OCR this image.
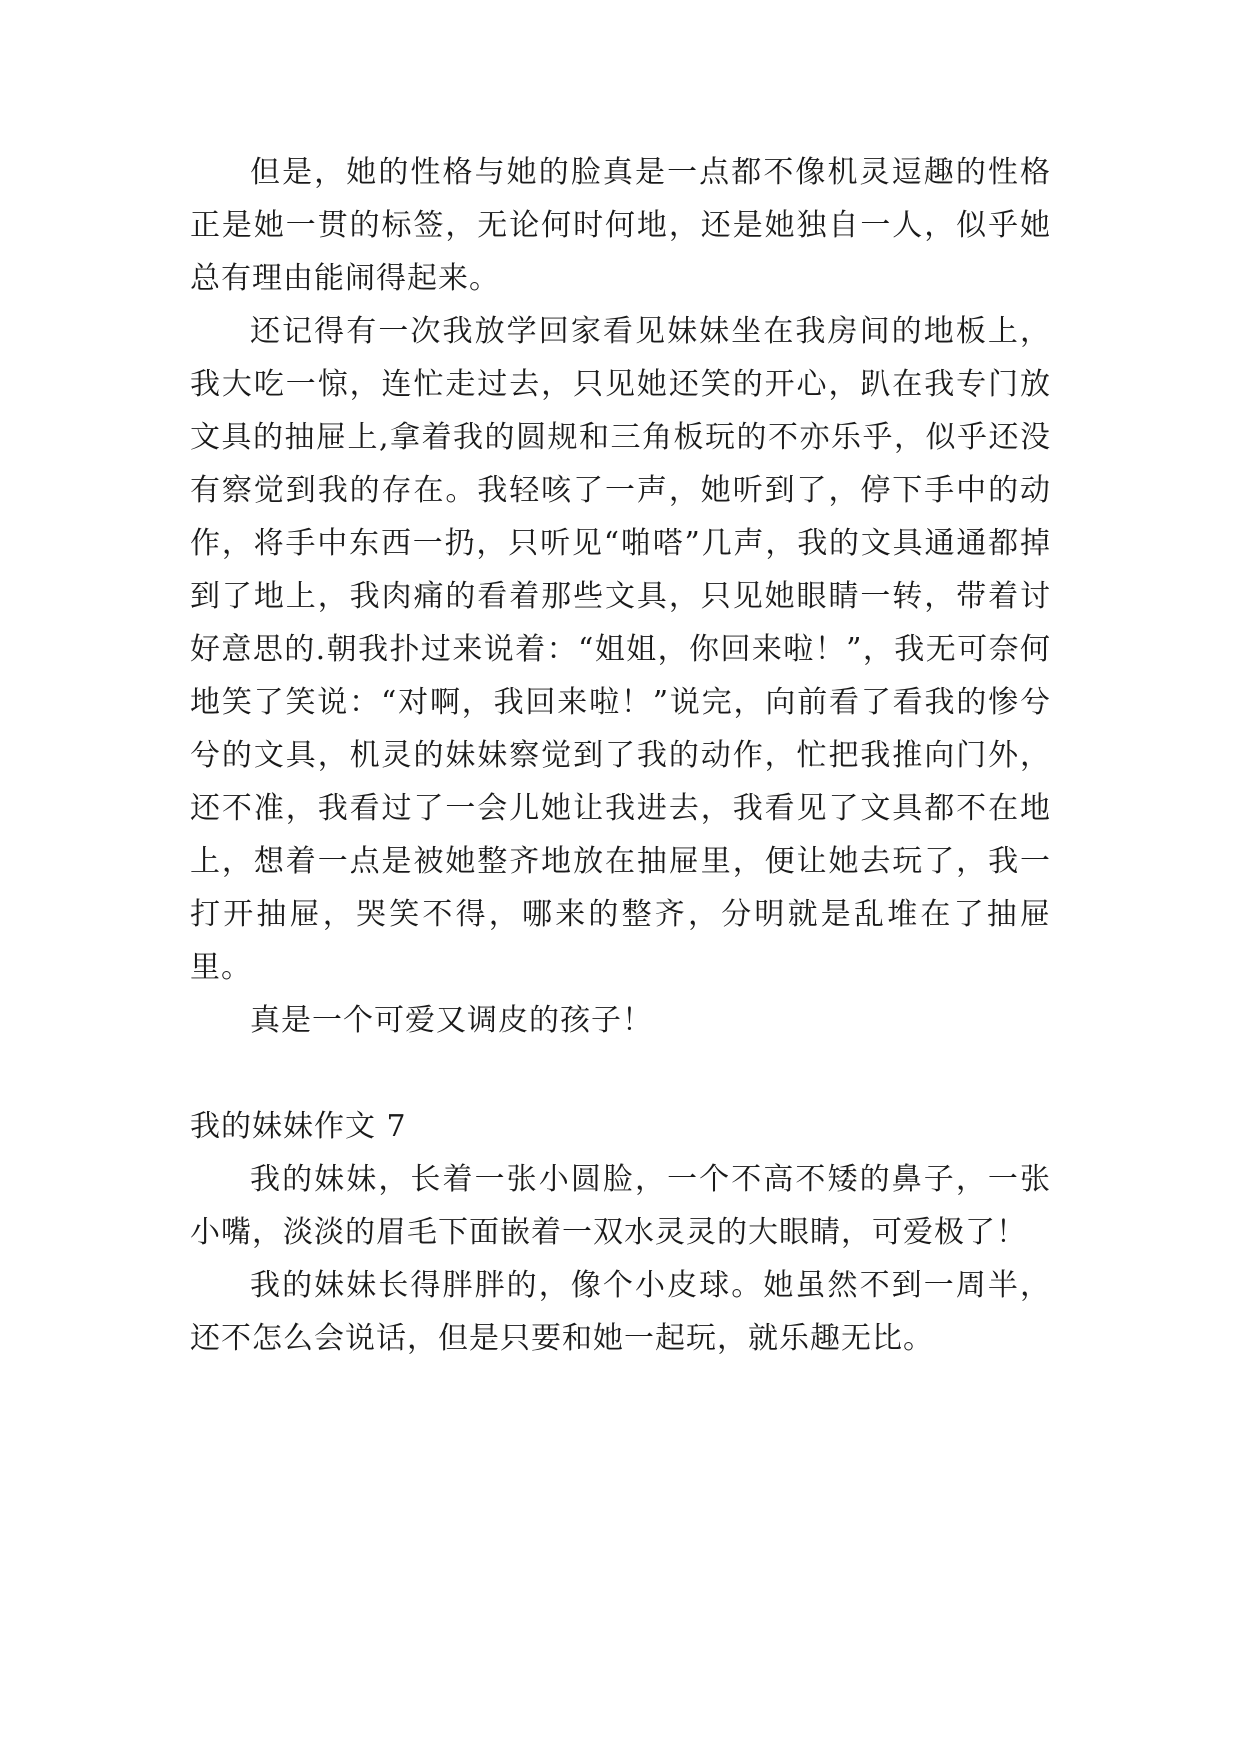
但是，她的性格与她的脸真是一点都不像机灵逗趣的性格正是她一贯的标签，无论何时何地，还是她独自一人，似乎她总有理由能闹得起来。

还记得有一次我放学回家看见妹妹坐在我房间的地板上，我大吃一惊，连忙走过去，只见她还笑的开心，趴在我专门放文具的抽屉上,拿着我的圆规和三角板玩的不亦乐乎，似乎还没有察觉到我的存在。我轻咳了一声，她听到了，停下手中的动作，将手中东西一扔，只听见“啪嗒”几声，我的文具通通都掉到了地上，我肉痛的看着那些文具，只见她眼睛一转，带着讨好意思的.朝我扑过来说着：“姐姐，你回来啦！”，我无可奈何地笑了笑说：“对啊，我回来啦！”说完，向前看了看我的惨兮兮的文具，机灵的妹妹察觉到了我的动作，忙把我推向门外，还不准，我看过了一会儿她让我进去，我看见了文具都不在地上，想着一点是被她整齐地放在抽屉里，便让她去玩了，我一打开抽屉，哭笑不得，哪来的整齐，分明就是乱堆在了抽屉里。

真是一个可爱又调皮的孩子！

我的妹妹作文 7

我的妹妹，长着一张小圆脸，一个不高不矮的鼻子，一张小嘴，淡淡的眉毛下面嵌着一双水灵灵的大眼睛，可爱极了！

我的妹妹长得胖胖的，像个小皮球。她虽然不到一周半，还不怎么会说话，但是只要和她一起玩，就乐趣无比。
